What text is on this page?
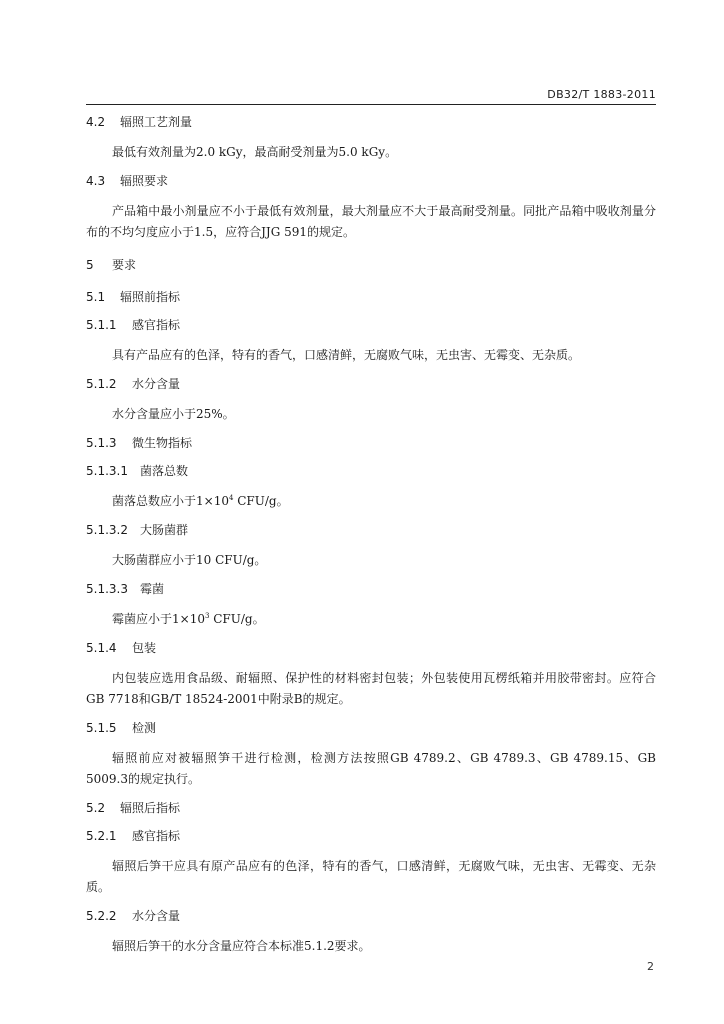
DB32/T 1883-2011
4.2 辐照工艺剂量

最低有效剂量为2.0 kGy，最高耐受剂量为5.0 kGy。

4.3 辐照要求

产品箱中最小剂量应不小于最低有效剂量，最大剂量应不大于最高耐受剂量。同批产品箱中吸收剂量分布的不均匀度应小于1.5，应符合JJG 591的规定。

5 要求
5.1 辐照前指标
5.1.1 感官指标

具有产品应有的色泽，特有的香气，口感清鲜，无腐败气味，无虫害、无霉变、无杂质。

5.1.2 水分含量

水分含量应小于25%。

5.1.3 微生物指标
5.1.3.1 菌落总数

菌落总数应小于$1\times 10^4$ CFU/g。

5.1.3.2 大肠菌群

大肠菌群应小于10 CFU/g。

5.1.3.3 霉菌

霉菌应小于$1\times 10^3$ CFU/g。

5.1.4 包装

内包装应选用食品级、耐辐照、保护性的材料密封包装；外包装使用瓦楞纸箱并用胶带密封。应符合GB 7718和GB/T 18524-2001中附录B的规定。

5.1.5 检测

辐照前应对被辐照笋干进行检测，检测方法按照GB 4789.2、GB 4789.3、GB 4789.15、GB 5009.3的规定执行。

5.2 辐照后指标
5.2.1 感官指标

辐照后笋干应具有原产品应有的色泽，特有的香气，口感清鲜，无腐败气味，无虫害、无霉变、无杂质。

5.2.2 水分含量

辐照后笋干的水分含量应符合本标准5.1.2要求。

2
